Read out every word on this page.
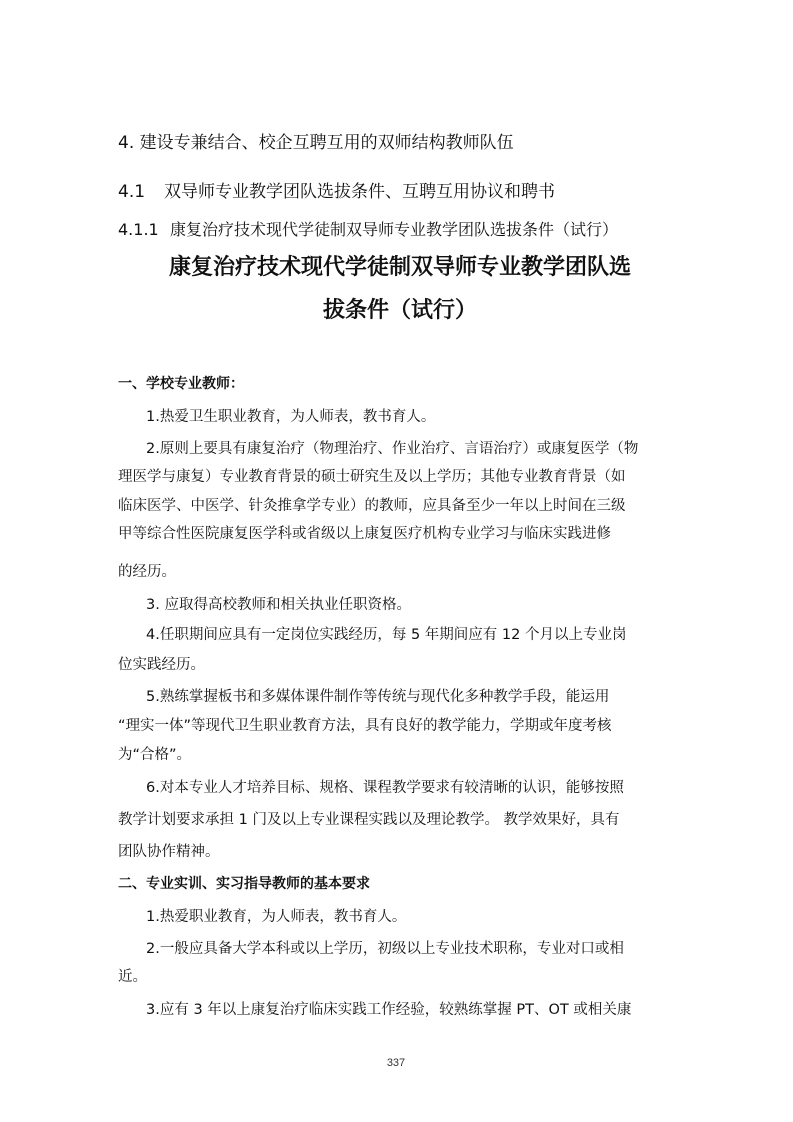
4. 建设专兼结合、校企互聘互用的双师结构教师队伍
4.1 双导师专业教学团队选拔条件、互聘互用协议和聘书
4.1.1 康复治疗技术现代学徒制双导师专业教学团队选拔条件（试行）
康复治疗技术现代学徒制双导师专业教学团队选
拔条件（试行）
一、学校专业教师：
1.热爱卫生职业教育，为人师表，教书育人。
2.原则上要具有康复治疗（物理治疗、作业治疗、言语治疗）或康复医学（物
理医学与康复）专业教育背景的硕士研究生及以上学历；其他专业教育背景（如
临床医学、中医学、针灸推拿学专业）的教师，应具备至少一年以上时间在三级
甲等综合性医院康复医学科或省级以上康复医疗机构专业学习与临床实践进修
的经历。
3. 应取得高校教师和相关执业任职资格。
4.任职期间应具有一定岗位实践经历，每 5 年期间应有 12 个月以上专业岗
位实践经历。
5.熟练掌握板书和多媒体课件制作等传统与现代化多种教学手段，能运用
“理实一体”等现代卫生职业教育方法，具有良好的教学能力，学期或年度考核
为“合格”。
6.对本专业人才培养目标、规格、课程教学要求有较清晰的认识，能够按照
教学计划要求承担 1 门及以上专业课程实践以及理论教学。 教学效果好，具有
团队协作精神。
二、专业实训、实习指导教师的基本要求
1.热爱职业教育，为人师表，教书育人。
2.一般应具备大学本科或以上学历，初级以上专业技术职称，专业对口或相
近。
3.应有 3 年以上康复治疗临床实践工作经验，较熟练掌握 PT、OT 或相关康
337
